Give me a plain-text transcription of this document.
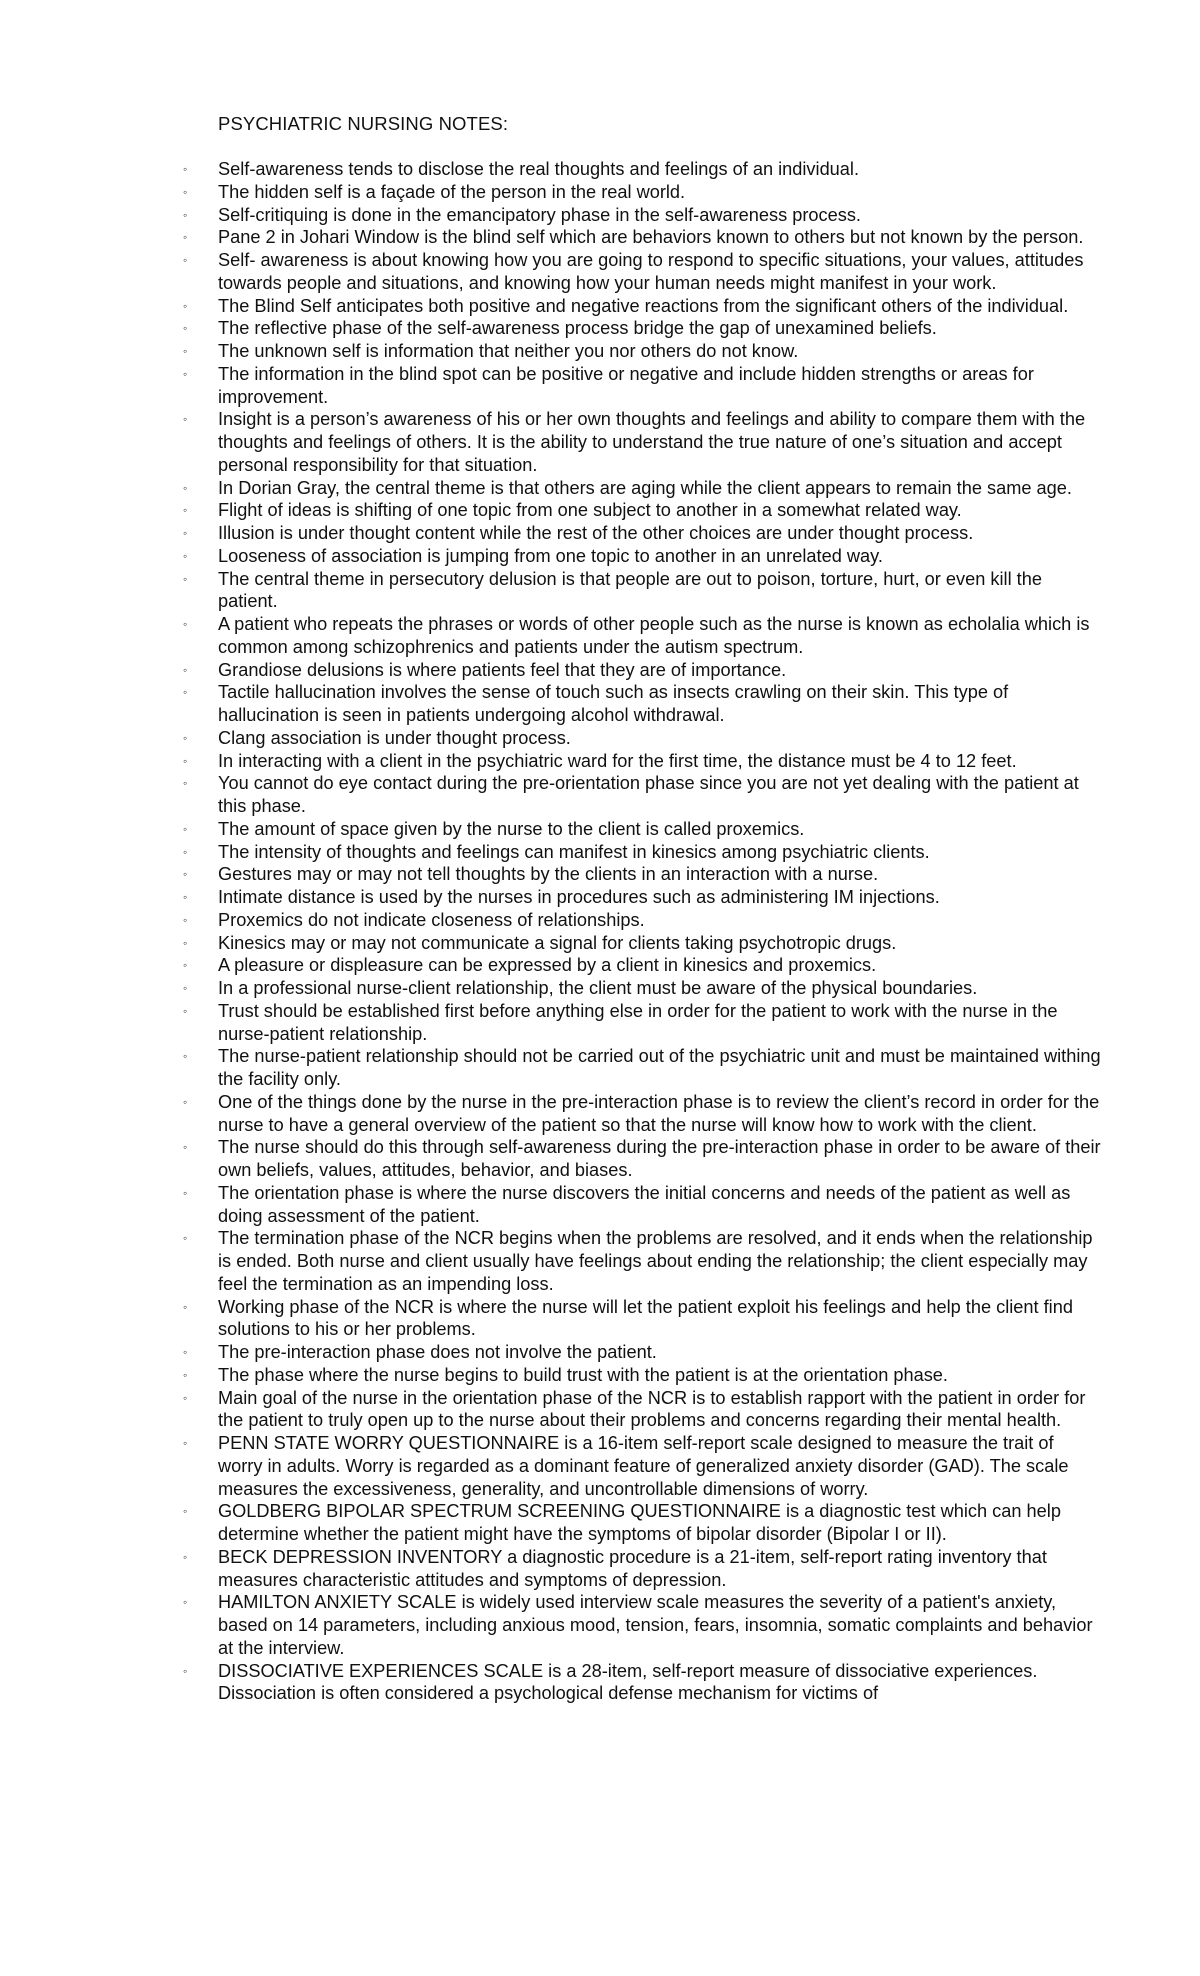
PSYCHIATRIC NURSING NOTES:
◦ Self-awareness tends to disclose the real thoughts and feelings of an individual.
◦ The hidden self is a façade of the person in the real world.
◦ Self-critiquing is done in the emancipatory phase in the self-awareness process.
◦ Pane 2 in Johari Window is the blind self which are behaviors known to others but not known by the person.
◦ Self- awareness is about knowing how you are going to respond to specific situations, your values, attitudes towards people and situations, and knowing how your human needs might manifest in your work.
◦ The Blind Self anticipates both positive and negative reactions from the significant others of the individual.
◦ The reflective phase of the self-awareness process bridge the gap of unexamined beliefs.
◦ The unknown self is information that neither you nor others do not know.
◦ The information in the blind spot can be positive or negative and include hidden strengths or areas for improvement.
◦ Insight is a person’s awareness of his or her own thoughts and feelings and ability to compare them with the thoughts and feelings of others. It is the ability to understand the true nature of one’s situation and accept personal responsibility for that situation.
◦ In Dorian Gray, the central theme is that others are aging while the client appears to remain the same age.
◦ Flight of ideas is shifting of one topic from one subject to another in a somewhat related way.
◦ Illusion is under thought content while the rest of the other choices are under thought process.
◦ Looseness of association is jumping from one topic to another in an unrelated way.
◦ The central theme in persecutory delusion is that people are out to poison, torture, hurt, or even kill the patient.
◦ A patient who repeats the phrases or words of other people such as the nurse is known as echolalia which is common among schizophrenics and patients under the autism spectrum.
◦ Grandiose delusions is where patients feel that they are of importance.
◦ Tactile hallucination involves the sense of touch such as insects crawling on their skin. This type of hallucination is seen in patients undergoing alcohol withdrawal.
◦ Clang association is under thought process.
◦ In interacting with a client in the psychiatric ward for the first time, the distance must be 4 to 12 feet.
◦ You cannot do eye contact during the pre-orientation phase since you are not yet dealing with the patient at this phase.
◦ The amount of space given by the nurse to the client is called proxemics.
◦ The intensity of thoughts and feelings can manifest in kinesics among psychiatric clients.
◦ Gestures may or may not tell thoughts by the clients in an interaction with a nurse.
◦ Intimate distance is used by the nurses in procedures such as administering IM injections.
◦ Proxemics do not indicate closeness of relationships.
◦ Kinesics may or may not communicate a signal for clients taking psychotropic drugs.
◦ A pleasure or displeasure can be expressed by a client in kinesics and proxemics.
◦ In a professional nurse-client relationship, the client must be aware of the physical boundaries.
◦ Trust should be established first before anything else in order for the patient to work with the nurse in the nurse-patient relationship.
◦ The nurse-patient relationship should not be carried out of the psychiatric unit and must be maintained withing the facility only.
◦ One of the things done by the nurse in the pre-interaction phase is to review the client’s record in order for the nurse to have a general overview of the patient so that the nurse will know how to work with the client.
◦ The nurse should do this through self-awareness during the pre-interaction phase in order to be aware of their own beliefs, values, attitudes, behavior, and biases.
◦ The orientation phase is where the nurse discovers the initial concerns and needs of the patient as well as doing assessment of the patient.
◦ The termination phase of the NCR begins when the problems are resolved, and it ends when the relationship is ended. Both nurse and client usually have feelings about ending the relationship; the client especially may feel the termination as an impending loss.
◦ Working phase of the NCR is where the nurse will let the patient exploit his feelings and help the client find solutions to his or her problems.
◦ The pre-interaction phase does not involve the patient.
◦ The phase where the nurse begins to build trust with the patient is at the orientation phase.
◦ Main goal of the nurse in the orientation phase of the NCR is to establish rapport with the patient in order for the patient to truly open up to the nurse about their problems and concerns regarding their mental health.
◦ PENN STATE WORRY QUESTIONNAIRE is a 16-item self-report scale designed to measure the trait of worry in adults. Worry is regarded as a dominant feature of generalized anxiety disorder (GAD). The scale measures the excessiveness, generality, and uncontrollable dimensions of worry.
◦ GOLDBERG BIPOLAR SPECTRUM SCREENING QUESTIONNAIRE is a diagnostic test which can help determine whether the patient might have the symptoms of bipolar disorder (Bipolar I or II).
◦ BECK DEPRESSION INVENTORY a diagnostic procedure is a 21-item, self-report rating inventory that measures characteristic attitudes and symptoms of depression.
◦ HAMILTON ANXIETY SCALE is widely used interview scale measures the severity of a patient's anxiety, based on 14 parameters, including anxious mood, tension, fears, insomnia, somatic complaints and behavior at the interview.
◦ DISSOCIATIVE EXPERIENCES SCALE is a 28-item, self-report measure of dissociative experiences. Dissociation is often considered a psychological defense mechanism for victims of
